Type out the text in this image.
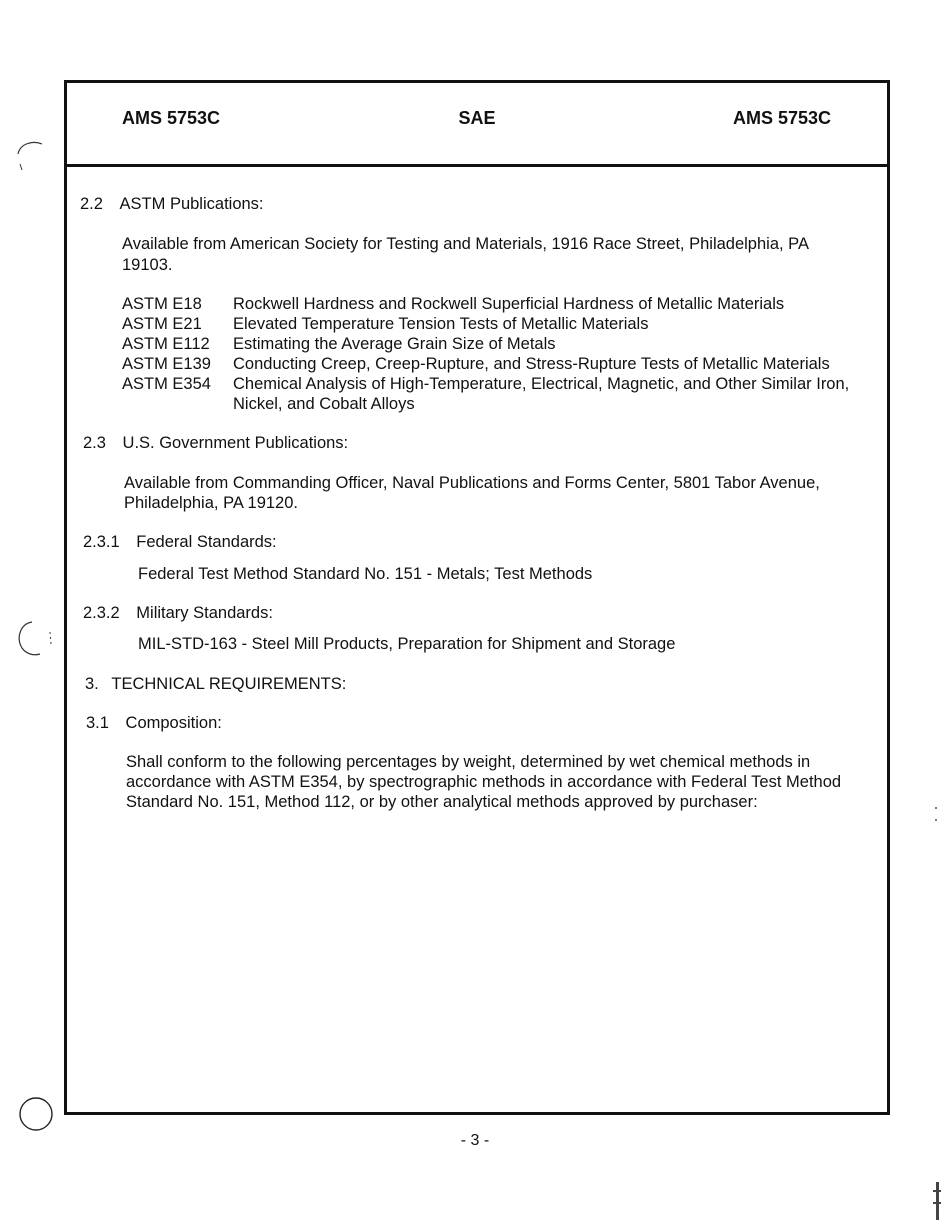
AMS 5753C	SAE	AMS 5753C
2.2 ASTM Publications:
Available from American Society for Testing and Materials, 1916 Race Street, Philadelphia, PA
19103.
ASTM E18 Rockwell Hardness and Rockwell Superficial Hardness of Metallic Materials
ASTM E21 Elevated Temperature Tension Tests of Metallic Materials
ASTM E112 Estimating the Average Grain Size of Metals
ASTM E139 Conducting Creep, Creep-Rupture, and Stress-Rupture Tests of Metallic Materials
ASTM E354 Chemical Analysis of High-Temperature, Electrical, Magnetic, and Other Similar Iron,
Nickel, and Cobalt Alloys
2.3 U.S. Government Publications:
Available from Commanding Officer, Naval Publications and Forms Center, 5801 Tabor Avenue,
Philadelphia, PA 19120.
2.3.1 Federal Standards:
Federal Test Method Standard No. 151 - Metals; Test Methods
2.3.2 Military Standards:
MIL-STD-163 - Steel Mill Products, Preparation for Shipment and Storage
3. TECHNICAL REQUIREMENTS:
3.1 Composition:
Shall conform to the following percentages by weight, determined by wet chemical methods in
accordance with ASTM E354, by spectrographic methods in accordance with Federal Test Method
Standard No. 151, Method 112, or by other analytical methods approved by purchaser:
- 3 -
